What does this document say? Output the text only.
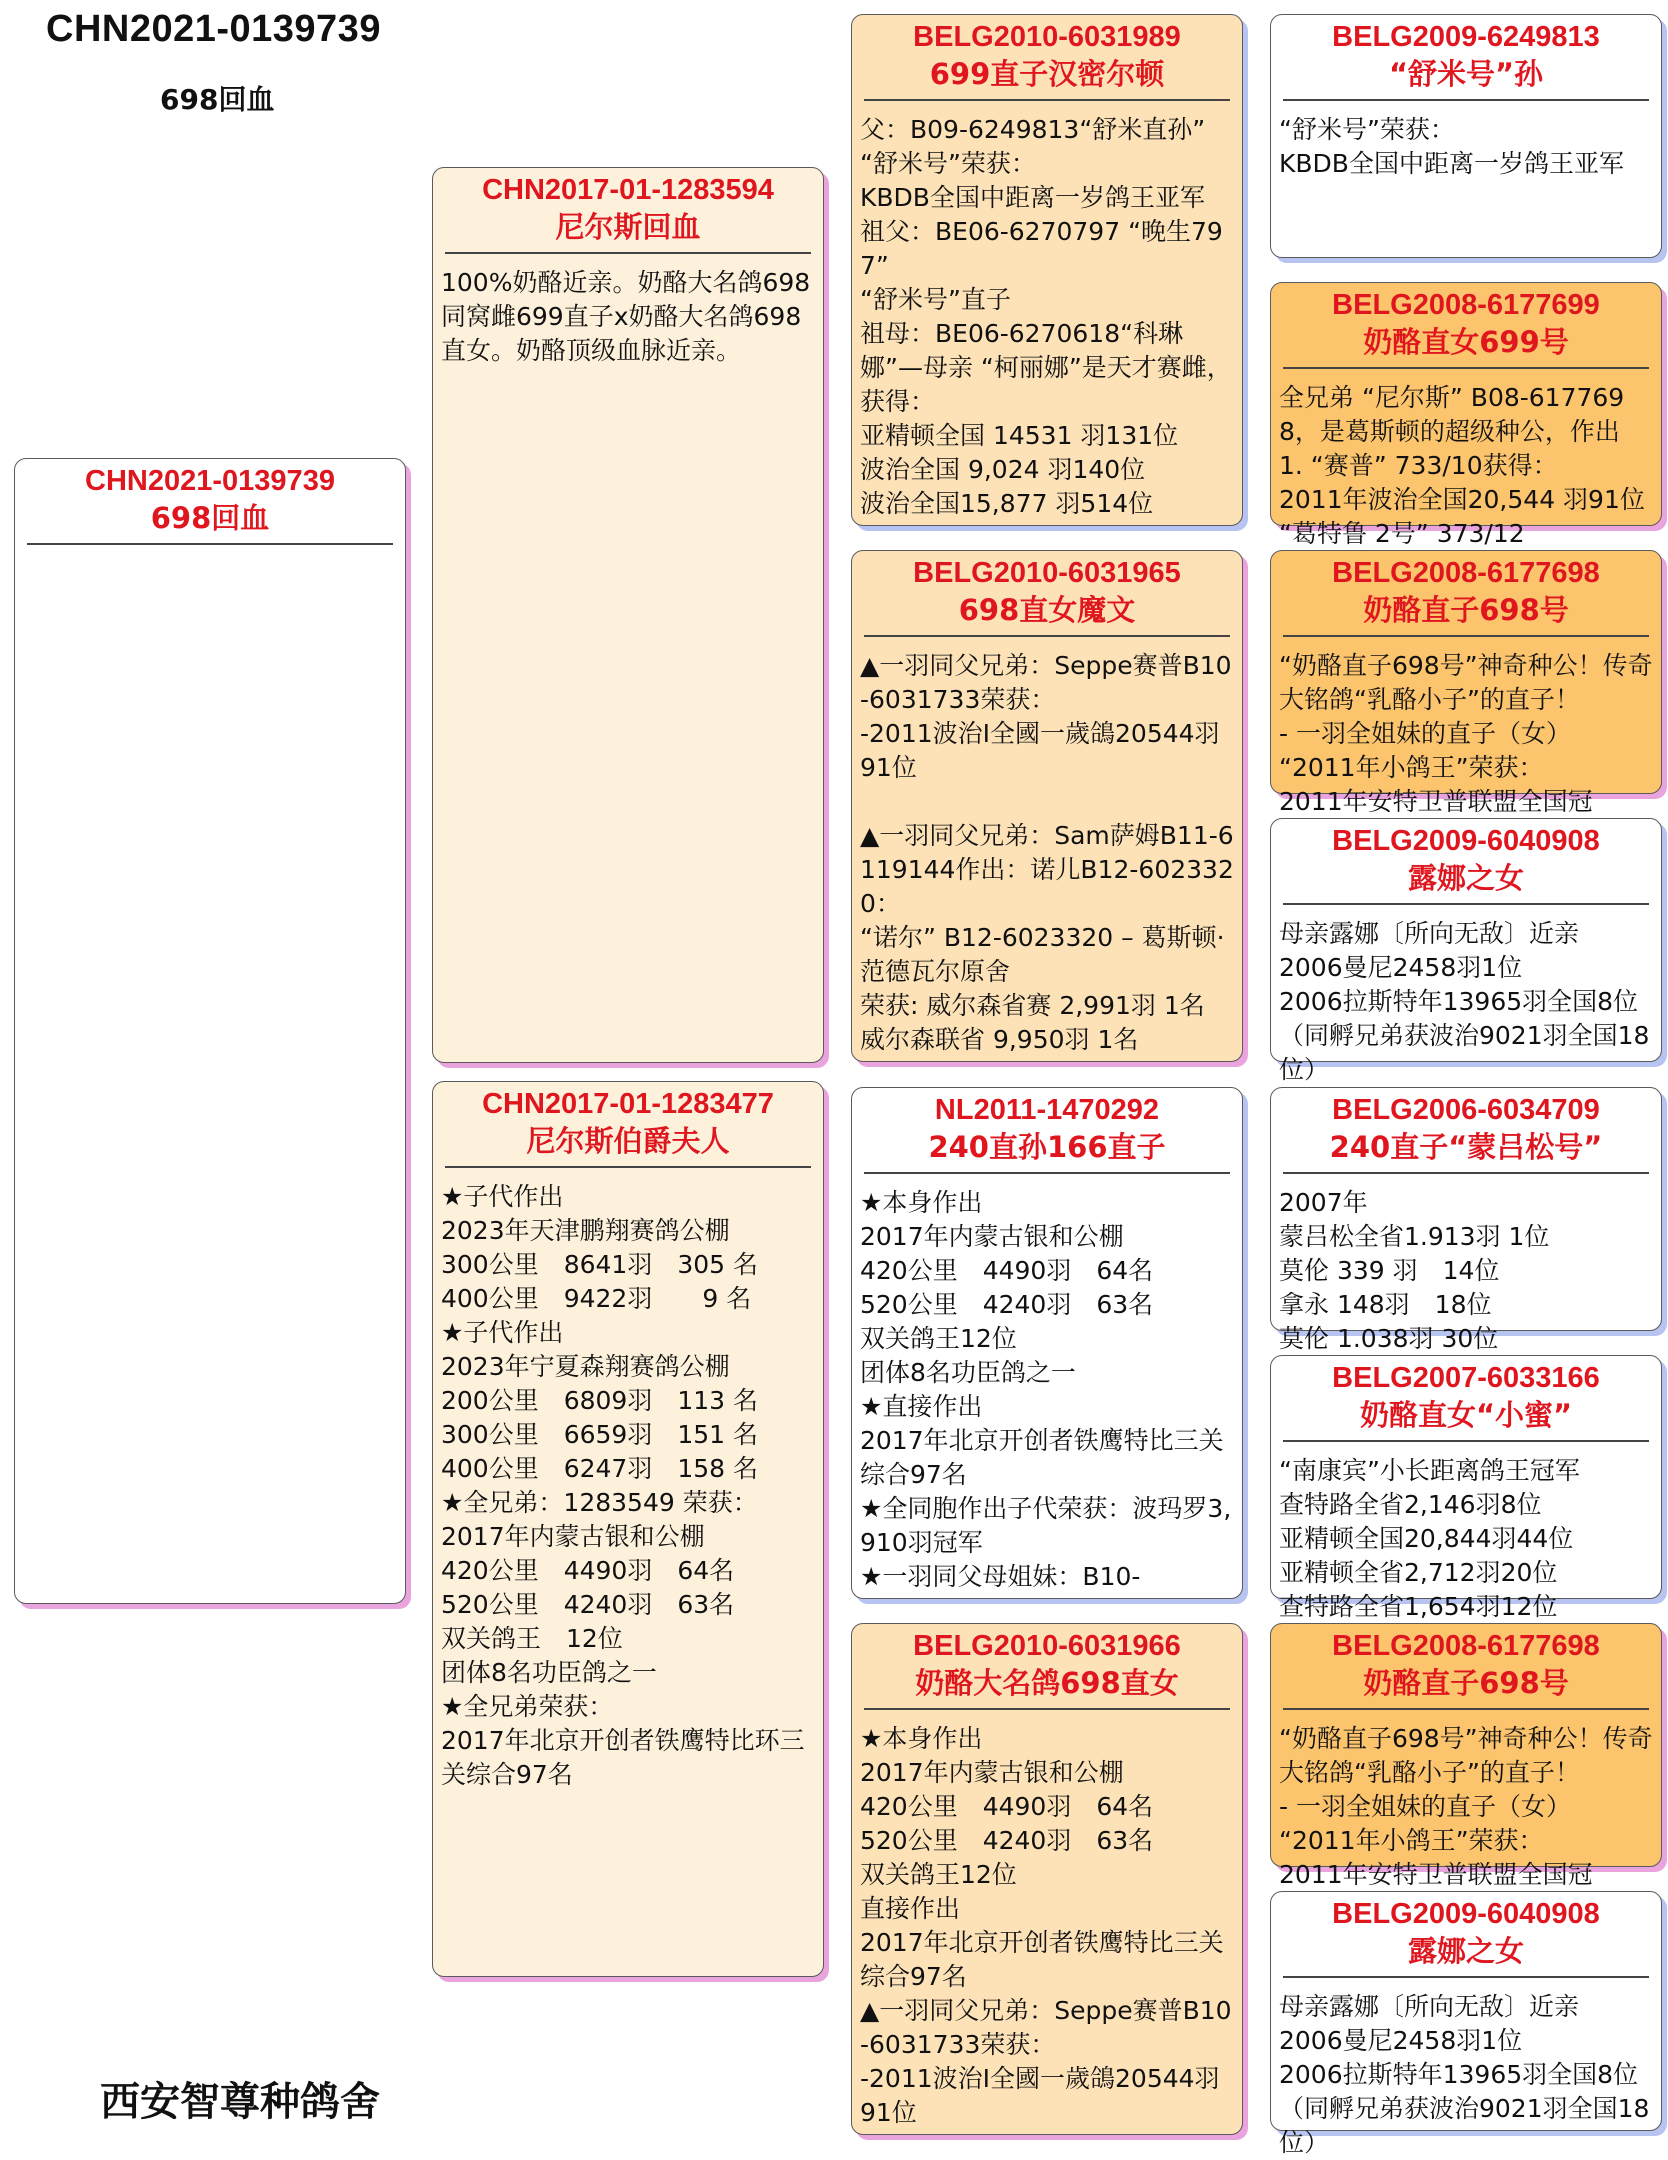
CHN2021-0139739
698回血
CHN2021-0139739
698回血
CHN2017-01-1283594
尼尔斯回血
100%奶酪近亲。奶酪大名鸽698同窝雌699直子x奶酪大名鸽698直女。奶酪顶级血脉近亲。
CHN2017-01-1283477
尼尔斯伯爵夫人
★子代作出
2023年天津鹏翔赛鸽公棚
300公里　8641羽　305 名
400公里　9422羽　　9 名
★子代作出
2023年宁夏森翔赛鸽公棚
200公里　6809羽　113 名
300公里　6659羽　151 名
400公里　6247羽　158 名
★全兄弟：1283549 荣获：
2017年内蒙古银和公棚
420公里　4490羽　64名
520公里　4240羽　63名
双关鸽王　12位
团体8名功臣鸽之一
★全兄弟荣获：
2017年北京开创者铁鹰特比环三关综合97名
BELG2010-6031989
699直子汉密尔顿
父：B09-6249813“舒米直孙”
“舒米号”荣获：
KBDB全国中距离一岁鸽王亚军
祖父：BE06-6270797 “晚生797”
“舒米号”直子
祖母：BE06-6270618“科琳娜”—母亲 “柯丽娜”是天才赛雌，获得：
亚精顿全国 14531 羽131位
波治全国 9,024 羽140位
波治全国15,877 羽514位
BELG2010-6031965
698直女魔文
▲一羽同父兄弟：Seppe赛普B10-6031733荣获：
-2011波治I全國一歲鴿20544羽91位

▲一羽同父兄弟：Sam萨姆B11-6119144作出：诺儿B12-6023320：
“诺尔” B12-6023320 – 葛斯顿·范德瓦尔原舍
荣获: 威尔森省赛 2,991羽 1名
威尔森联省 9,950羽 1名
NL2011-1470292
240直孙166直子
★本身作出
2017年内蒙古银和公棚
420公里　4490羽　64名
520公里　4240羽　63名
双关鸽王12位
团体8名功臣鸽之一
★直接作出
2017年北京开创者铁鹰特比三关综合97名
★全同胞作出子代荣获：波玛罗3,910羽冠军
★一羽同父母姐妹：B10-
BELG2010-6031966
奶酪大名鸽698直女
★本身作出
2017年内蒙古银和公棚
420公里　4490羽　64名
520公里　4240羽　63名
双关鸽王12位
直接作出
2017年北京开创者铁鹰特比三关综合97名
▲一羽同父兄弟：Seppe赛普B10-6031733荣获：
-2011波治I全國一歲鴿20544羽91位
BELG2009-6249813
“舒米号”孙
“舒米号”荣获：
KBDB全国中距离一岁鸽王亚军
BELG2008-6177699
奶酪直女699号
全兄弟 “尼尔斯” B08-6177698，是葛斯顿的超级种公，作出
1. “赛普” 733/10获得：
2011年波治全国20,544 羽91位
“葛特鲁 2号” 373/12
BELG2008-6177698
奶酪直子698号
“奶酪直子698号”神奇种公！传奇大铭鸽“乳酪小子”的直子！
- 一羽全姐妹的直子（女）
“2011年小鸽王”荣获：
2011年安特卫普联盟全国冠
BELG2009-6040908
露娜之女
母亲露娜〔所向无敌〕近亲
2006曼尼2458羽1位
2006拉斯特年13965羽全国8位
（同孵兄弟获波治9021羽全国18位）
BELG2006-6034709
240直子“蒙吕松号”
2007年
蒙吕松全省1.913羽 1位
莫伦 339 羽　14位
拿永 148羽　18位
莫伦 1.038羽 30位
BELG2007-6033166
奶酪直女“小蜜”
“南康宾”小长距离鸽王冠军
查特路全省2,146羽8位
亚精顿全国20,844羽44位
亚精顿全省2,712羽20位
查特路全省1,654羽12位
BELG2008-6177698
奶酪直子698号
“奶酪直子698号”神奇种公！传奇大铭鸽“乳酪小子”的直子！
- 一羽全姐妹的直子（女）
“2011年小鸽王”荣获：
2011年安特卫普联盟全国冠
BELG2009-6040908
露娜之女
母亲露娜〔所向无敌〕近亲
2006曼尼2458羽1位
2006拉斯特年13965羽全国8位
（同孵兄弟获波治9021羽全国18位）
西安智尊种鸽舍
